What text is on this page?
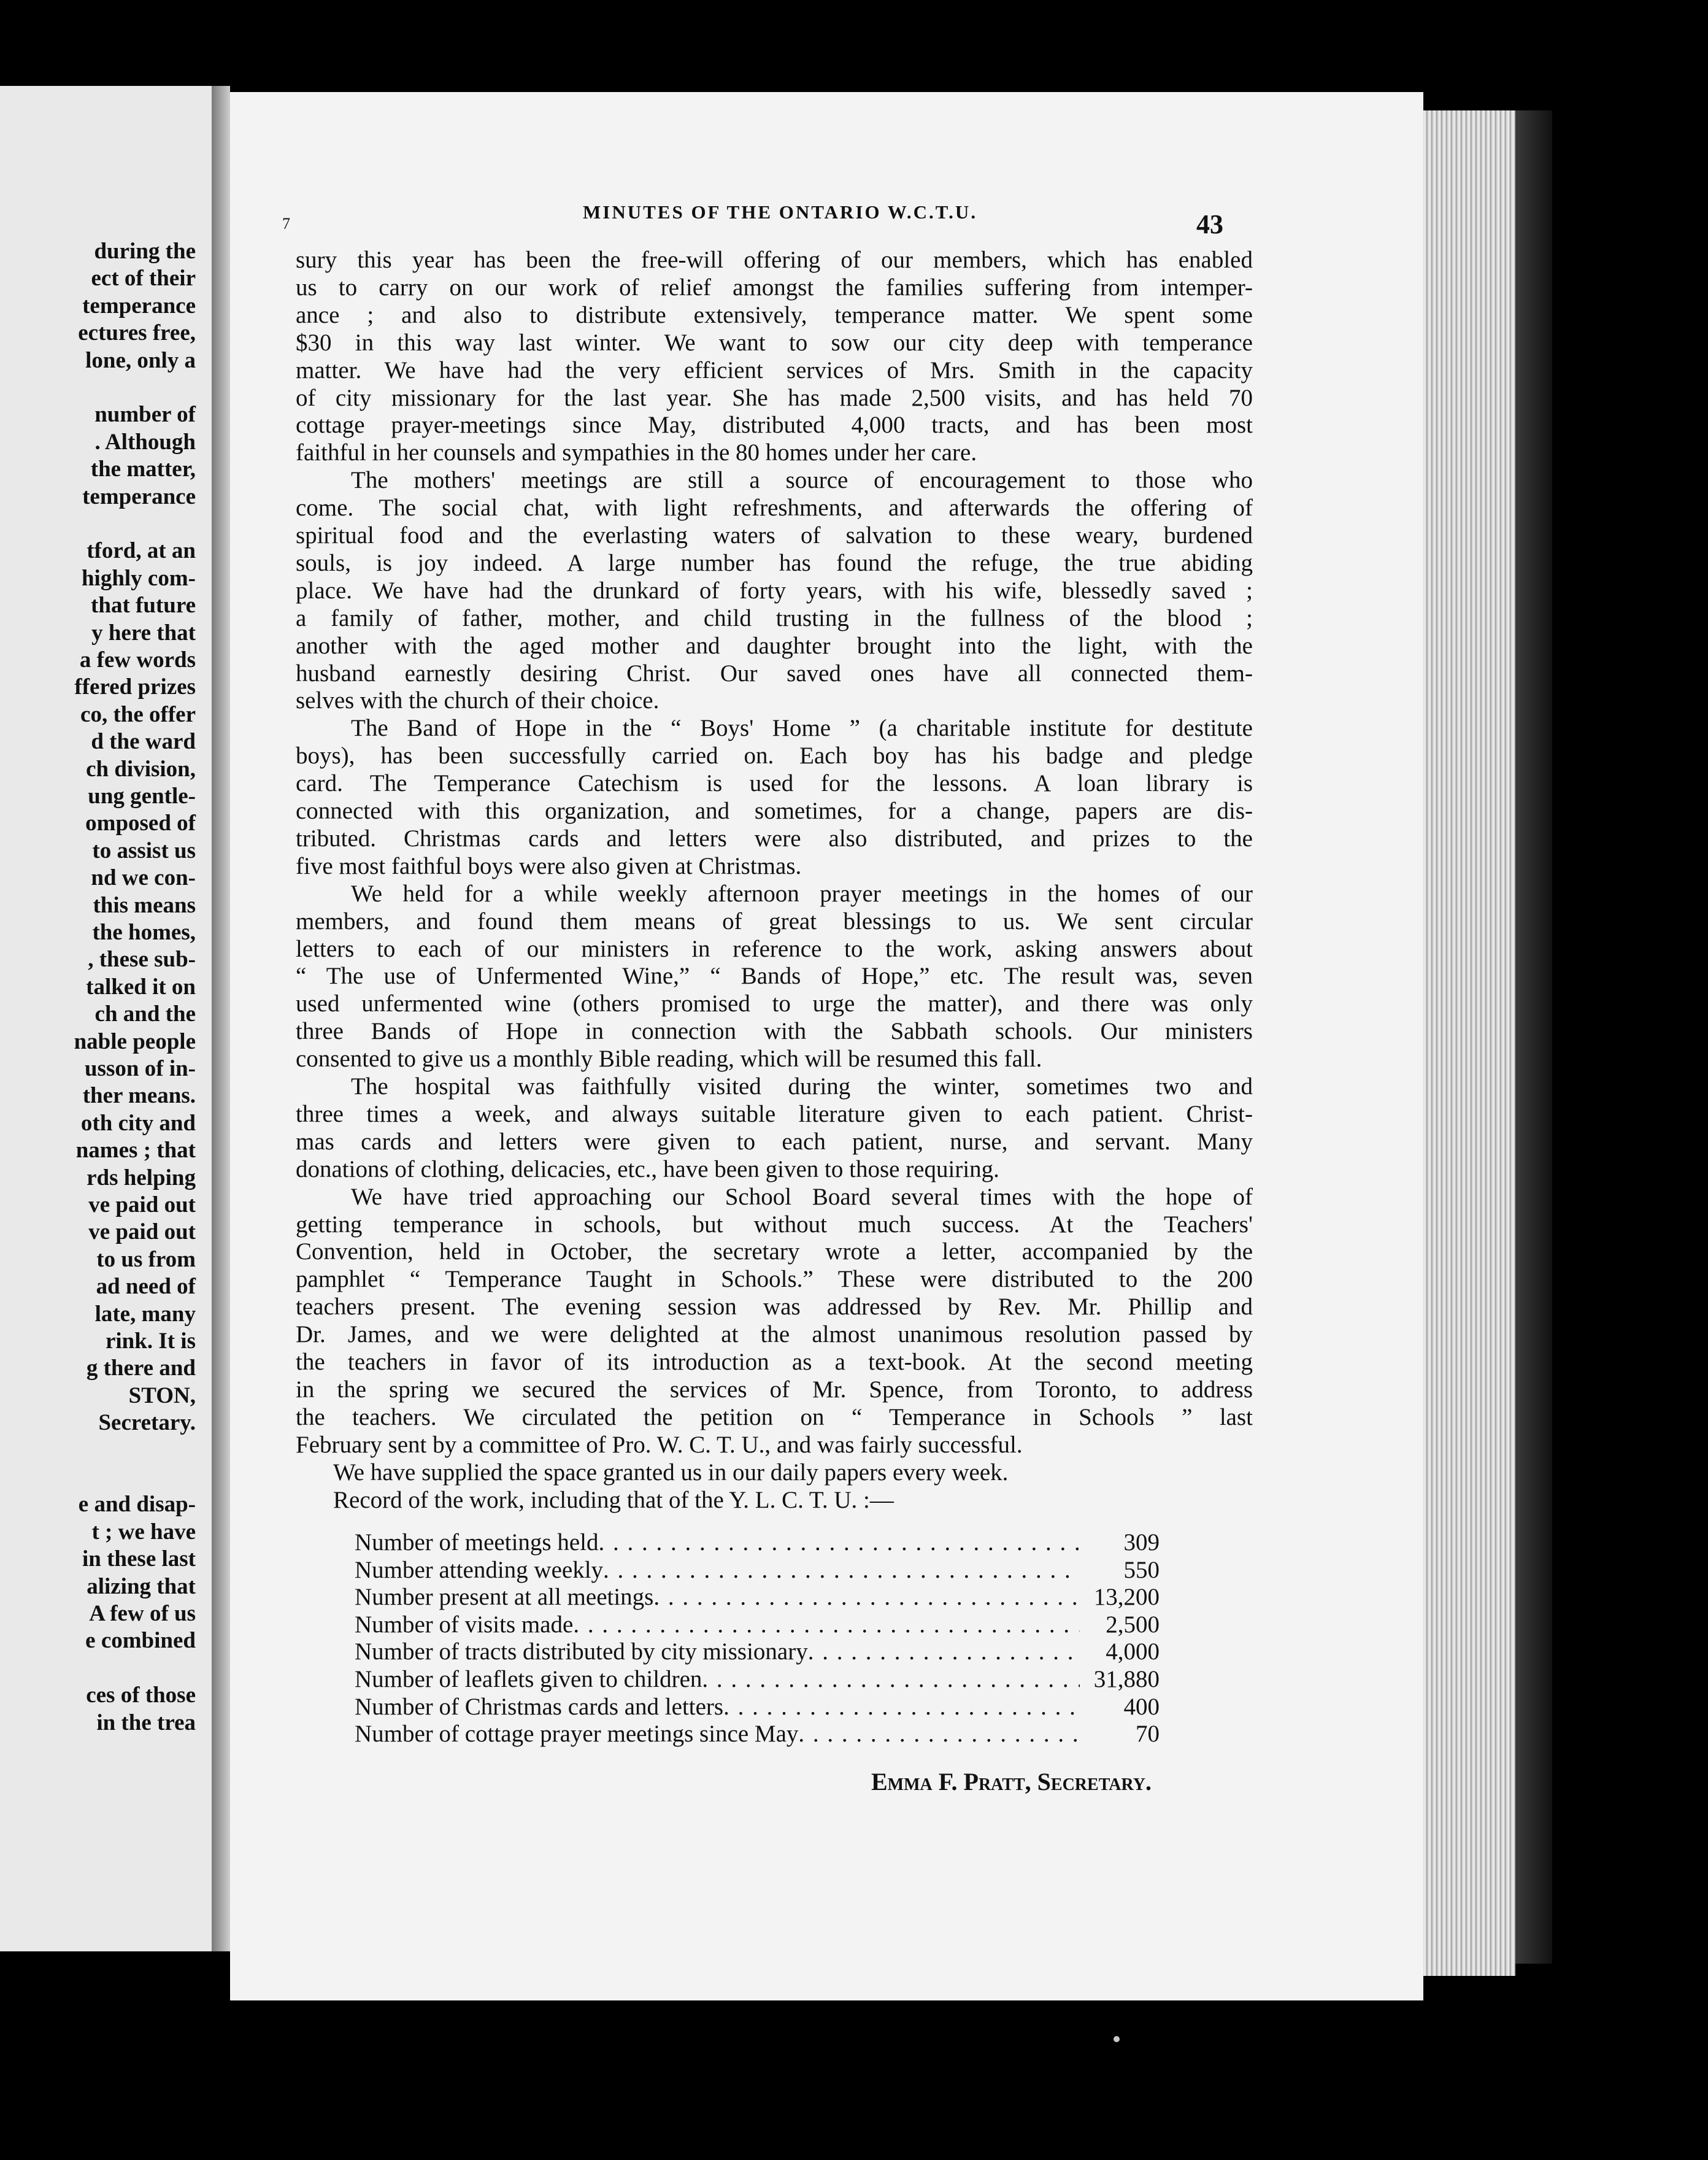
during the
ect of their
temperance
ectures free,
lone, only a
number of
. Although
the matter,
temperance
tford, at an
highly com-
that future
y here that
a few words
ffered prizes
co, the offer
d the ward
ch division,
ung gentle-
omposed of
to assist us
nd we con-
this means
the homes,
, these sub-
talked it on
ch and the
nable people
usson of in-
ther means.
oth city and
names ; that
rds helping
ve paid out
ve paid out
to us from
ad need of
late, many
rink. It is
g there and
STON,
Secretary.
e and disap-
t ; we have
in these last
alizing that
A few of us
e combined
ces of those
in the trea
7
MINUTES OF THE ONTARIO W.C.T.U.	43
sury this year has been the free-will offering of our members, which has enabled
us to carry on our work of relief amongst the families suffering from intemper-
ance ; and also to distribute extensively, temperance matter. We spent some
$30 in this way last winter. We want to sow our city deep with temperance
matter. We have had the very efficient services of Mrs. Smith in the capacity
of city missionary for the last year. She has made 2,500 visits, and has held 70
cottage prayer-meetings since May, distributed 4,000 tracts, and has been most
faithful in her counsels and sympathies in the 80 homes under her care.
The mothers' meetings are still a source of encouragement to those who
come. The social chat, with light refreshments, and afterwards the offering of
spiritual food and the everlasting waters of salvation to these weary, burdened
souls, is joy indeed. A large number has found the refuge, the true abiding
place. We have had the drunkard of forty years, with his wife, blessedly saved ;
a family of father, mother, and child trusting in the fullness of the blood ;
another with the aged mother and daughter brought into the light, with the
husband earnestly desiring Christ. Our saved ones have all connected them-
selves with the church of their choice.
The Band of Hope in the “ Boys' Home ” (a charitable institute for destitute
boys), has been successfully carried on. Each boy has his badge and pledge
card. The Temperance Catechism is used for the lessons. A loan library is
connected with this organization, and sometimes, for a change, papers are dis-
tributed. Christmas cards and letters were also distributed, and prizes to the
five most faithful boys were also given at Christmas.
We held for a while weekly afternoon prayer meetings in the homes of our
members, and found them means of great blessings to us. We sent circular
letters to each of our ministers in reference to the work, asking answers about
“ The use of Unfermented Wine,” “ Bands of Hope,” etc. The result was, seven
used unfermented wine (others promised to urge the matter), and there was only
three Bands of Hope in connection with the Sabbath schools. Our ministers
consented to give us a monthly Bible reading, which will be resumed this fall.
The hospital was faithfully visited during the winter, sometimes two and
three times a week, and always suitable literature given to each patient. Christ-
mas cards and letters were given to each patient, nurse, and servant. Many
donations of clothing, delicacies, etc., have been given to those requiring.
We have tried approaching our School Board several times with the hope of
getting temperance in schools, but without much success. At the Teachers'
Convention, held in October, the secretary wrote a letter, accompanied by the
pamphlet “ Temperance Taught in Schools.” These were distributed to the 200
teachers present. The evening session was addressed by Rev. Mr. Phillip and
Dr. James, and we were delighted at the almost unanimous resolution passed by
the teachers in favor of its introduction as a text-book. At the second meeting
in the spring we secured the services of Mr. Spence, from Toronto, to address
the teachers. We circulated the petition on “ Temperance in Schools ” last
February sent by a committee of Pro. W. C. T. U., and was fairly successful.
We have supplied the space granted us in our daily papers every week.
Record of the work, including that of the Y. L. C. T. U. :—
Number of meetings held . . .	309
Number attending weekly . . .	550
Number present at all meetings . . .	13,200
Number of visits made . . .	2,500
Number of tracts distributed by city missionary . . .	4,000
Number of leaflets given to children . . .	31,880
Number of Christmas cards and letters . . .	400
Number of cottage prayer meetings since May . . .	70
Emma F. Pratt, Secretary.
